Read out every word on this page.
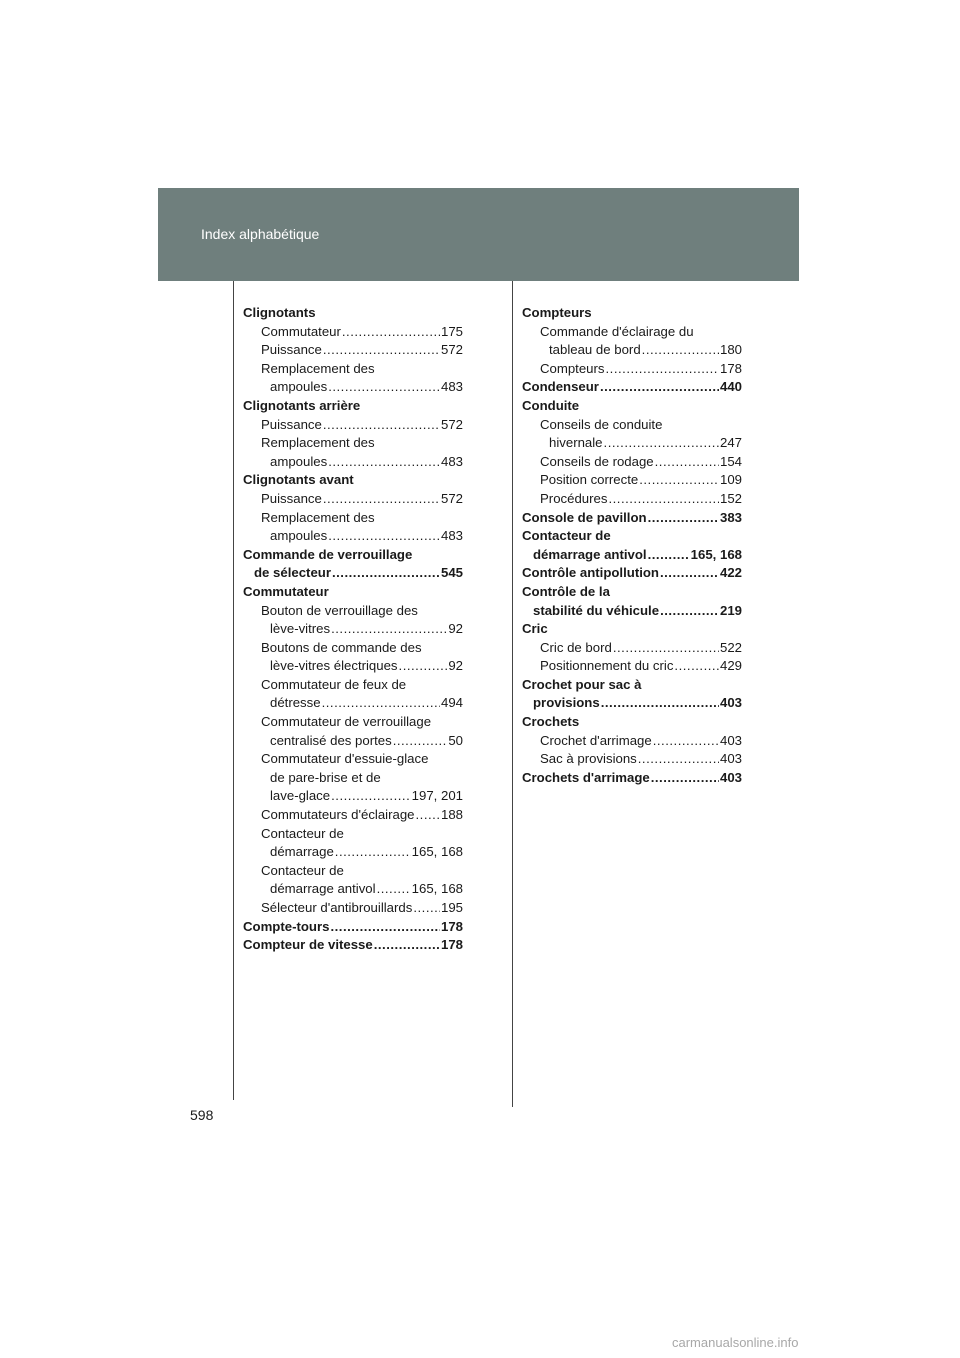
Index alphabétique
Clignotants
Commutateur .....	175
Puissance .....	572
Remplacement des
ampoules .....	483
Clignotants arrière
Puissance .....	572
Remplacement des
ampoules .....	483
Clignotants avant
Puissance .....	572
Remplacement des
ampoules .....	483
Commande de verrouillage
de sélecteur .....	545
Commutateur
Bouton de verrouillage des
lève-vitres .....	92
Boutons de commande des
lève-vitres électriques .....	92
Commutateur de feux de
détresse .....	494
Commutateur de verrouillage
centralisé des portes .....	50
Commutateur d'essuie-glace
de pare-brise et de
lave-glace .....	197, 201
Commutateurs d'éclairage ..... 188
Contacteur de
démarrage .....	165, 168
Contacteur de
démarrage antivol .....	165, 168
Sélecteur d'antibrouillards ..... 195
Compte-tours .....	178
Compteur de vitesse .....	178
Compteurs
Commande d'éclairage du
tableau de bord .....	180
Compteurs .....	178
Condenseur .....	440
Conduite
Conseils de conduite
hivernale .....	247
Conseils de rodage .....	154
Position correcte .....	109
Procédures .....	152
Console de pavillon .....	383
Contacteur de
démarrage antivol .....	165, 168
Contrôle antipollution .....	422
Contrôle de la
stabilité du véhicule .....	219
Cric
Cric de bord .....	522
Positionnement du cric .....	429
Crochet pour sac à
provisions .....	403
Crochets
Crochet d'arrimage .....	403
Sac à provisions .....	403
Crochets d'arrimage .....	403
598
carmanualsonline.info
